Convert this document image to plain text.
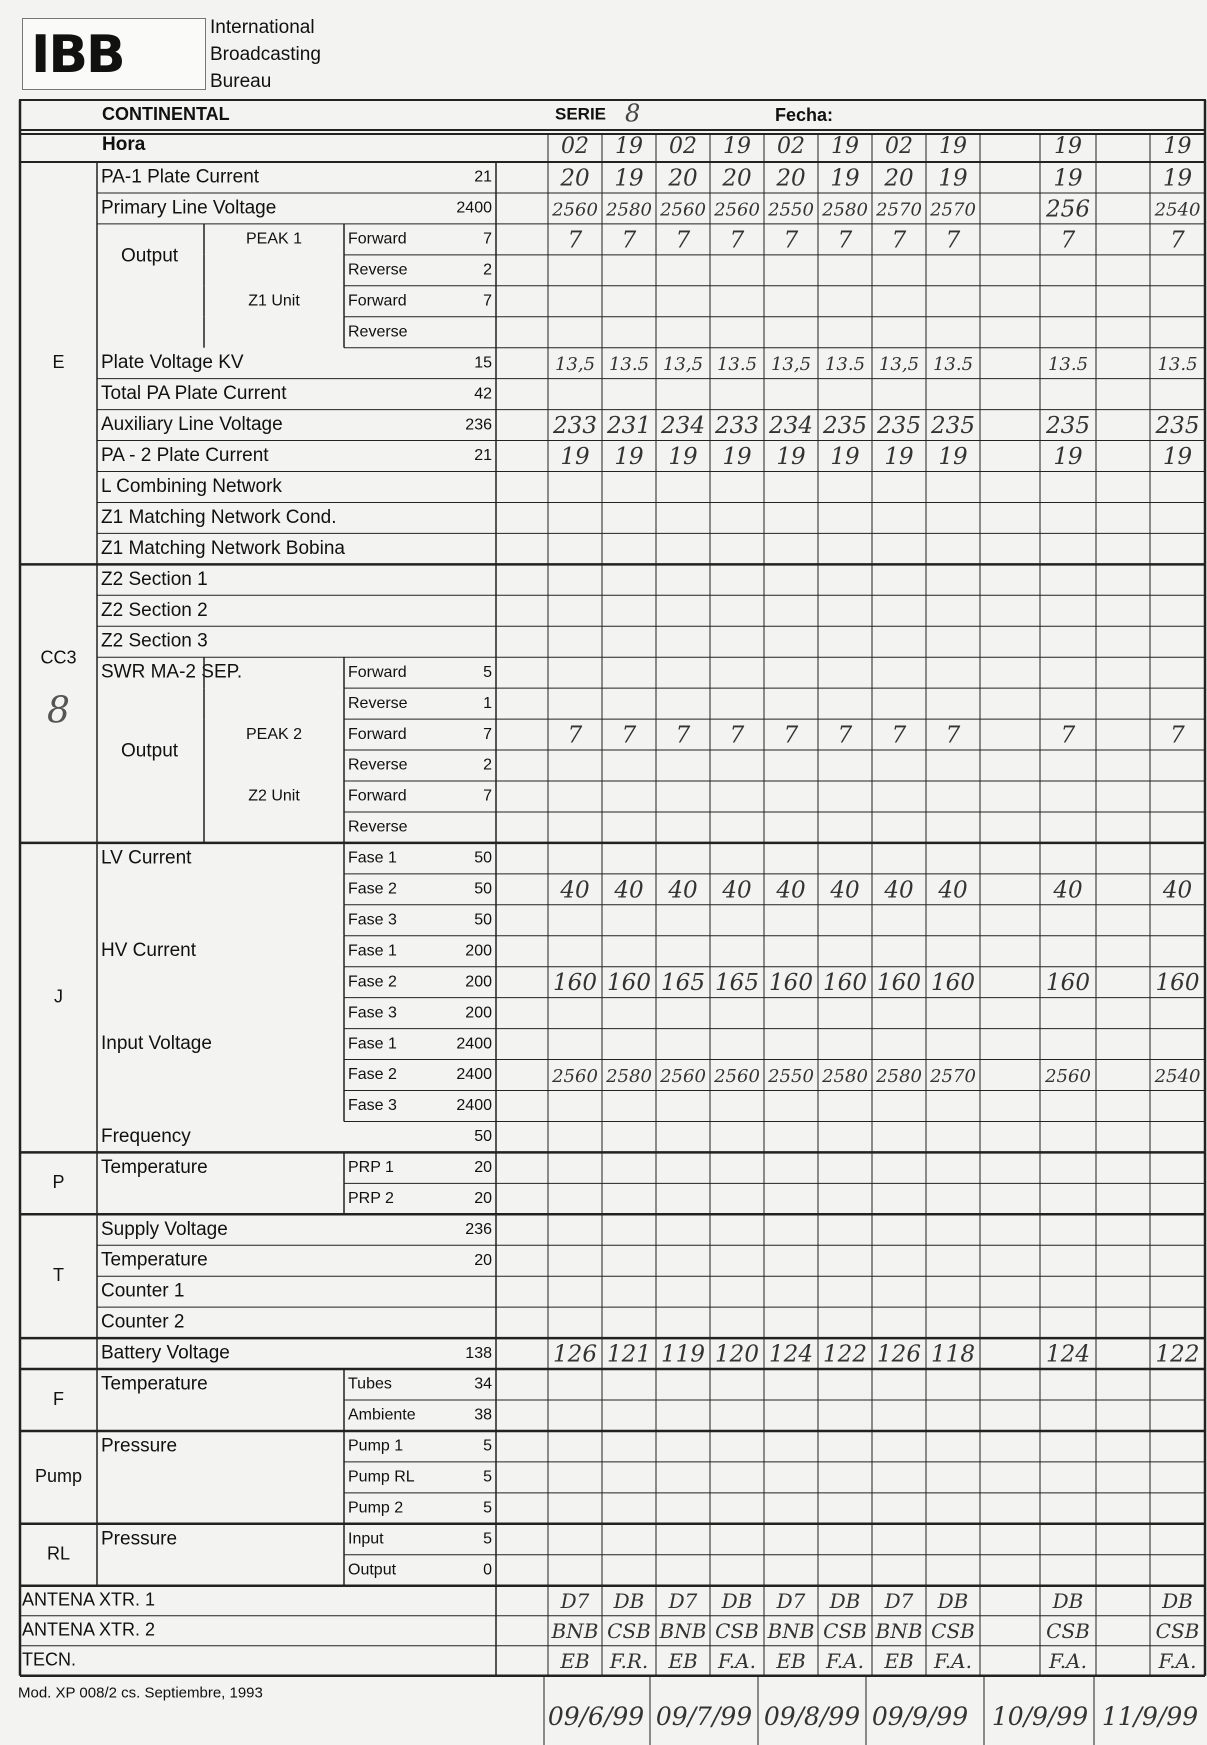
IBB	International
Broadcasting
Bureau
CONTINENTAL	SERIE 8	Fecha:
Hora	02 19 02 19 02 19 02 19	19	19
PA-1 Plate Current	21	20 19 20 20 20 19 20 19	19	19
Primary Line Voltage	2400	2560 2580 2560 2560 2550 2580 2570 2570	256	2540
Output
PEAK 1	Forward	7	7 7 7 7 7 7 7 7	7	7
Reverse	2
Z1 Unit	Forward	7
Reverse
Plate Voltage KV	15	13,5 13.5 13,5 13.5 13,5 13.5 13,5 13.5	13.5	13.5
Total PA Plate Current	42
Auxiliary Line Voltage	236	233 231 234 233 234 235 235 235	235	235
PA - 2 Plate Current	21	19 19 19 19 19 19 19 19	19	19
L Combining Network
Z1 Matching Network Cond.
Z1 Matching Network Bobina
E
Z2 Section 1
Z2 Section 2
Z2 Section 3
SWR MA-2 SEP.	Forward	5
Reverse	1
Output
PEAK 2	Forward	7	7 7 7 7 7 7 7 7	7	7
Reverse	2
Z2 Unit	Forward	7
Reverse
CC3
8
LV Current	Fase 1	50
Fase 2	50	40 40 40 40 40 40 40 40	40	40
Fase 3	50
HV Current	Fase 1	200
Fase 2	200	160 160 165 165 160 160 160 160	160	160
Fase 3	200
Input Voltage	Fase 1	2400
Fase 2	2400	2560 2580 2560 2560 2550 2580 2580 2570	2560	2540
Fase 3	2400
Frequency	50
J
Temperature	PRP 1	20
PRP 2	20
P
Supply Voltage	236
Temperature	20
Counter 1
Counter 2
T
Battery Voltage	138	126 121 119 120 124 122 126 118	124	122
Temperature	Tubes	34
Ambiente	38
F
Pressure	Pump 1	5
Pump RL	5
Pump 2	5
Pump
Pressure	Input	5
Output	0
RL
ANTENA XTR. 1	D7 DB D7 DB D7 DB D7 DB	DB	DB
ANTENA XTR. 2	BNB CSB BNB CSB BNB CSB BNB CSB	CSB	CSB
TECN.	EB F.R. EB F.A. EB F.A. EB F.A.	F.A.	F.A.
Mod. XP 008/2 cs. Septiembre, 1993
09/6/99 09/7/99 09/8/99 09/9/99 10/9/99 11/9/99
